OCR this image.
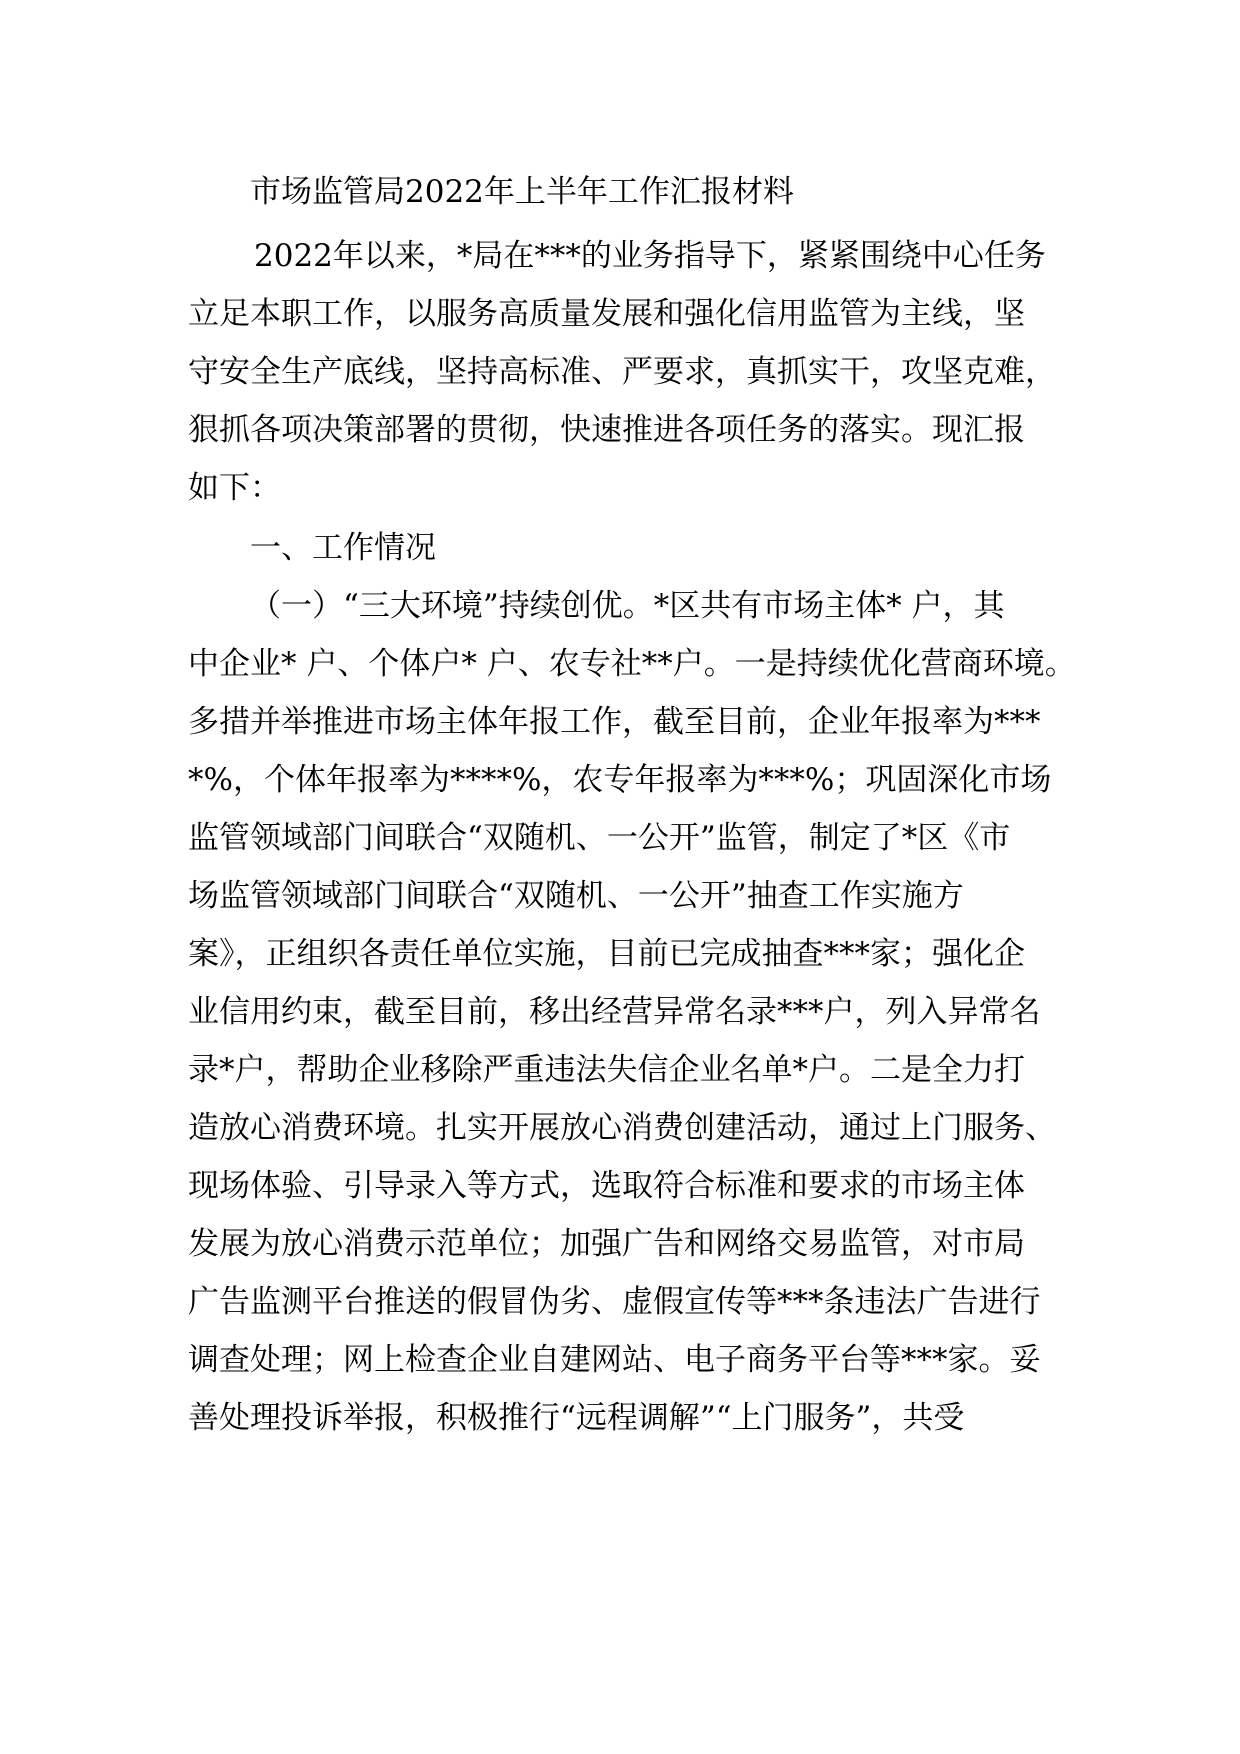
市场监管局2022年上半年工作汇报材料
2022年以来，*局在***的业务指导下，紧紧围绕中心任务
立足本职工作，以服务高质量发展和强化信用监管为主线，坚
守安全生产底线，坚持高标准、严要求，真抓实干，攻坚克难，
狠抓各项决策部署的贯彻，快速推进各项任务的落实。现汇报
如下：
一、工作情况
（一）“三大环境”持续创优。*区共有市场主体* 户，其
中企业* 户、个体户* 户、农专社**户。一是持续优化营商环境。
多措并举推进市场主体年报工作，截至目前，企业年报率为***
*%，个体年报率为****%，农专年报率为***%；巩固深化市场
监管领域部门间联合“双随机、一公开”监管，制定了*区《市
场监管领域部门间联合“双随机、一公开”抽查工作实施方
案》，正组织各责任单位实施，目前已完成抽查***家；强化企
业信用约束，截至目前，移出经营异常名录***户，列入异常名
录*户，帮助企业移除严重违法失信企业名单*户。二是全力打
造放心消费环境。扎实开展放心消费创建活动，通过上门服务、
现场体验、引导录入等方式，选取符合标准和要求的市场主体
发展为放心消费示范单位；加强广告和网络交易监管，对市局
广告监测平台推送的假冒伪劣、虚假宣传等***条违法广告进行
调查处理；网上检查企业自建网站、电子商务平台等***家。妥
善处理投诉举报，积极推行“远程调解”“上门服务”，共受
